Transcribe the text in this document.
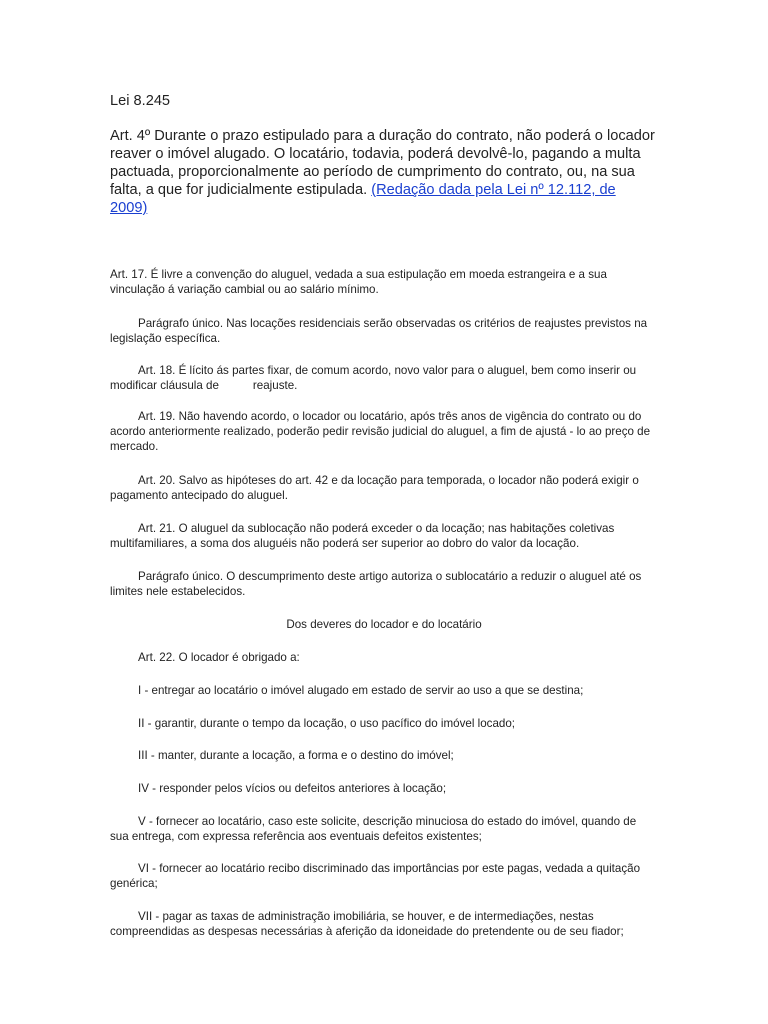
Lei 8.245
Art. 4º Durante o prazo estipulado para a duração do contrato, não poderá o locador reaver o imóvel alugado. O locatário, todavia, poderá devolvê-lo, pagando a multa pactuada, proporcionalmente ao período de cumprimento do contrato, ou, na sua falta, a que for judicialmente estipulada. (Redação dada pela Lei nº 12.112, de 2009)

Art. 17. É livre a convenção do aluguel, vedada a sua estipulação em moeda estrangeira e a sua vinculação á variação cambial ou ao salário mínimo.

Parágrafo único. Nas locações residenciais serão observadas os critérios de reajustes previstos na legislação específica.

Art. 18. É lícito ás partes fixar, de comum acordo, novo valor para o aluguel, bem como inserir ou modificar cláusula de	reajuste.

Art. 19. Não havendo acordo, o locador ou locatário, após três anos de vigência do contrato ou do acordo anteriormente realizado, poderão pedir revisão judicial do aluguel, a fim de ajustá - lo ao preço de mercado.

Art. 20. Salvo as hipóteses do art. 42 e da locação para temporada, o locador não poderá exigir o pagamento antecipado do aluguel.

Art. 21. O aluguel da sublocação não poderá exceder o da locação; nas habitações coletivas multifamiliares, a soma dos aluguéis não poderá ser superior ao dobro do valor da locação.

Parágrafo único. O descumprimento deste artigo autoriza o sublocatário a reduzir o aluguel até os limites nele estabelecidos.

Dos deveres do locador e do locatário

Art. 22. O locador é obrigado a:

I - entregar ao locatário o imóvel alugado em estado de servir ao uso a que se destina;

II - garantir, durante o tempo da locação, o uso pacífico do imóvel locado;

III - manter, durante a locação, a forma e o destino do imóvel;

IV - responder pelos vícios ou defeitos anteriores à locação;

V - fornecer ao locatário, caso este solicite, descrição minuciosa do estado do imóvel, quando de sua entrega, com expressa referência aos eventuais defeitos existentes;

VI - fornecer ao locatário recibo discriminado das importâncias por este pagas, vedada a quitação genérica;

VII - pagar as taxas de administração imobiliária, se houver, e de intermediações, nestas compreendidas as despesas necessárias à aferição da idoneidade do pretendente ou de seu fiador;
